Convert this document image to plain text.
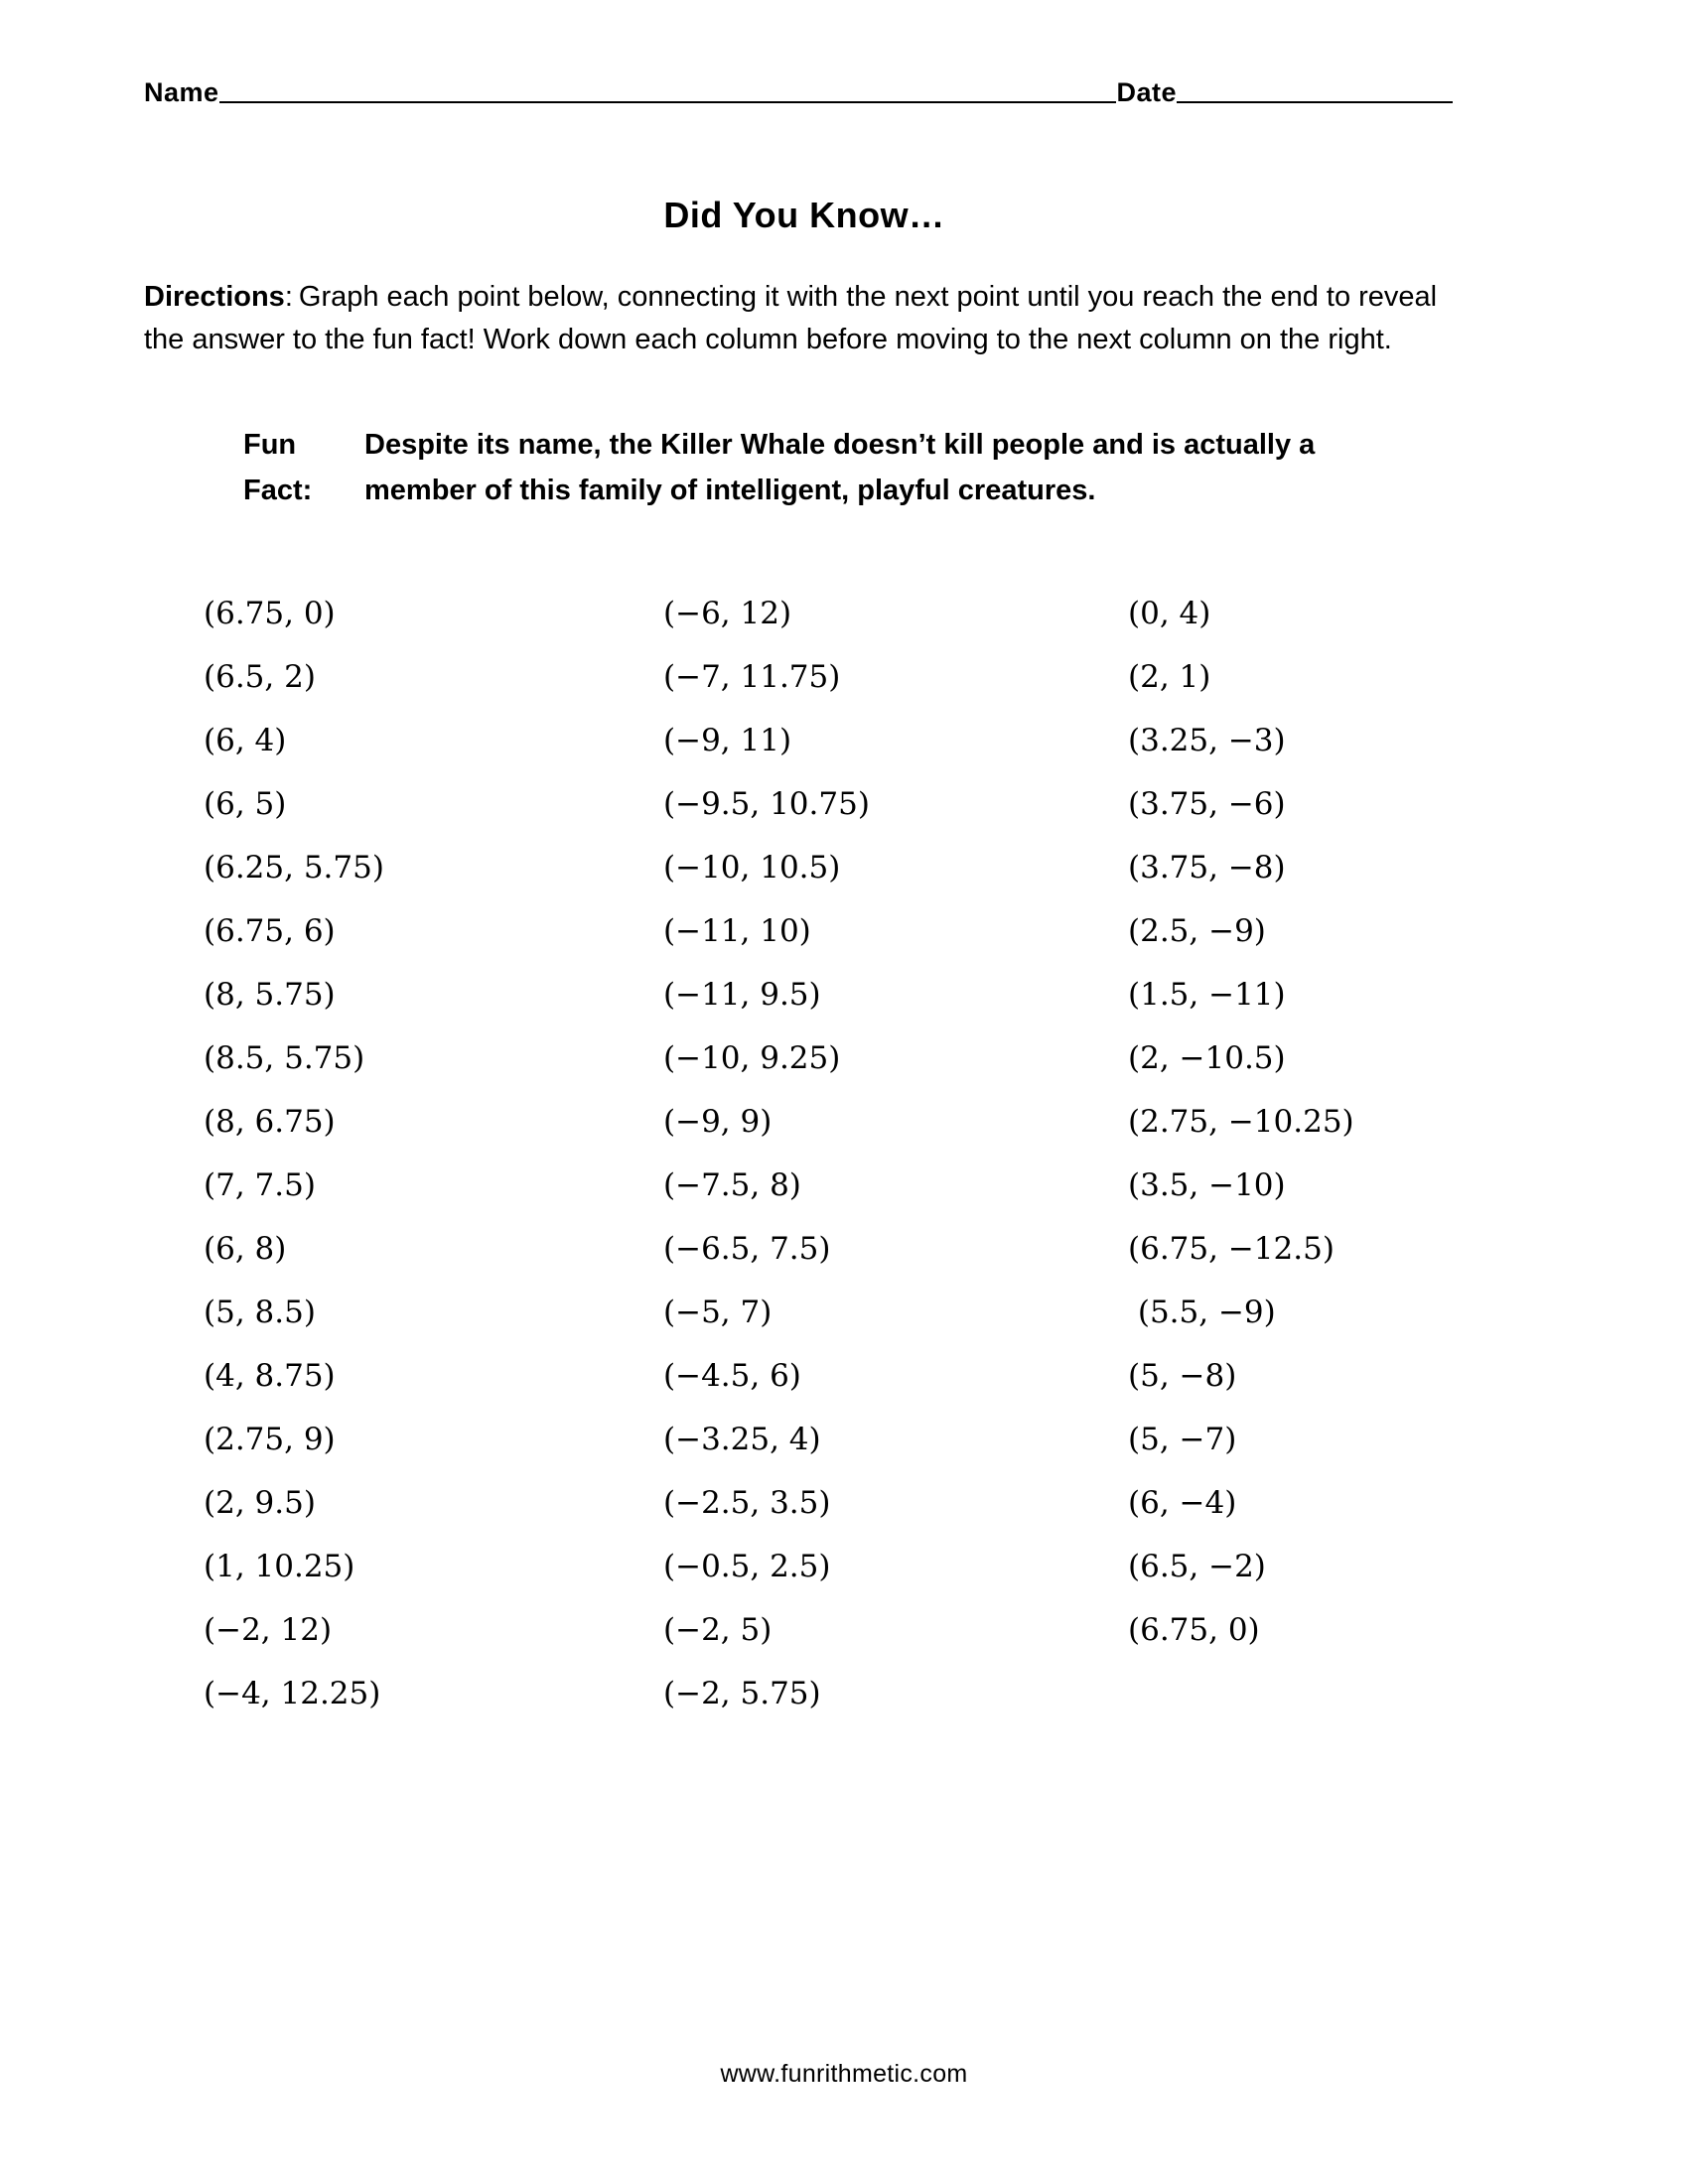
Name	Date
Did You Know…

Directions: Graph each point below, connecting it with the next point until you reach the end to reveal the answer to the fun fact! Work down each column before moving to the next column on the right.

Fun Fact:
Despite its name, the Killer Whale doesn’t kill people and is actually a member of this family of intelligent, playful creatures.
(6.75, 0)
(6.5, 2)
(6, 4)
(6, 5)
(6.25, 5.75)
(6.75, 6)
(8, 5.75)
(8.5, 5.75)
(8, 6.75)
(7, 7.5)
(6, 8)
(5, 8.5)
(4, 8.75)
(2.75, 9)
(2, 9.5)
(1, 10.25)
(−2, 12)
(−4, 12.25)
(−6, 12)
(−7, 11.75)
(−9, 11)
(−9.5, 10.75)
(−10, 10.5)
(−11, 10)
(−11, 9.5)
(−10, 9.25)
(−9, 9)
(−7.5, 8)
(−6.5, 7.5)
(−5, 7)
(−4.5, 6)
(−3.25, 4)
(−2.5, 3.5)
(−0.5, 2.5)
(−2, 5)
(−2, 5.75)
(0, 4)
(2, 1)
(3.25, −3)
(3.75, −6)
(3.75, −8)
(2.5, −9)
(1.5, −11)
(2, −10.5)
(2.75, −10.25)
(3.5, −10)
(6.75, −12.5)
(5.5, −9)
(5, −8)
(5, −7)
(6, −4)
(6.5, −2)
(6.75, 0)
www.funrithmetic.com
